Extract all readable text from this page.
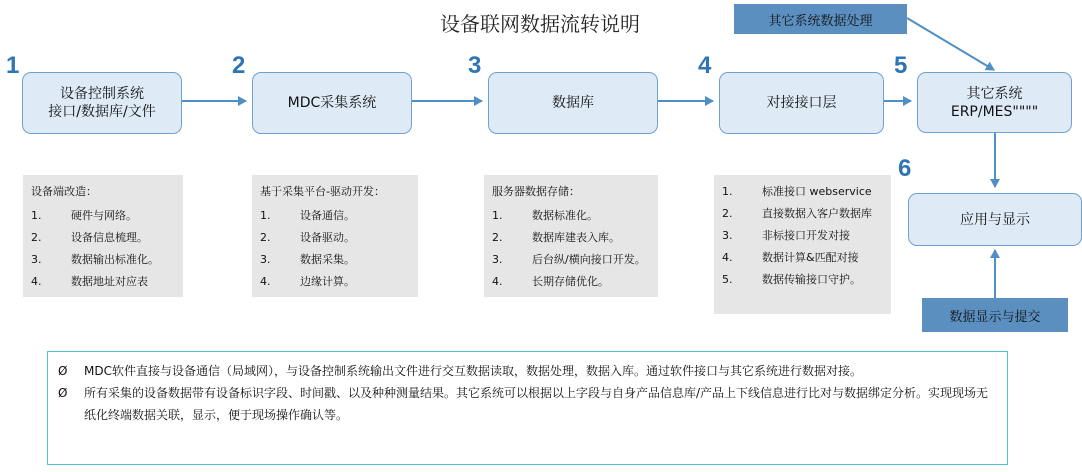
设备联网数据流转说明
1	2	3	4	5
6
设备控制系统
接口/数据库/文件
MDC采集系统	数据库	对接接口层
其它系统
ERP/MES""""
应用与显示
其它系统数据处理
数据显示与提交
设备端改造：
1.	硬件与网络。
2.	设备信息梳理。
3.	数据输出标准化。
4.	数据地址对应表
基于采集平台-驱动开发：
1.	设备通信。
2.	设备驱动。
3.	数据采集。
4.	边缘计算。
服务器数据存储：
1.	数据标准化。
2.	数据库建表入库。
3.	后台纵/横向接口开发。
4.	长期存储优化。
1.	标准接口 webservice
2.	直接数据入客户数据库
3.	非标接口开发对接
4.	数据计算&匹配对接
5.	数据传输接口守护。
Ø	MDC软件直接与设备通信（局域网），与设备控制系统输出文件进行交互数据读取，数据处理，数据入库。通过软件接口与其它系统进行数据对接。
Ø	所有采集的设备数据带有设备标识字段、时间戳、以及种种测量结果。其它系统可以根据以上字段与自身产品信息库/产品上下线信息进行比对与数据绑定分析。实现现场无纸化终端数据关联，显示，便于现场操作确认等。
